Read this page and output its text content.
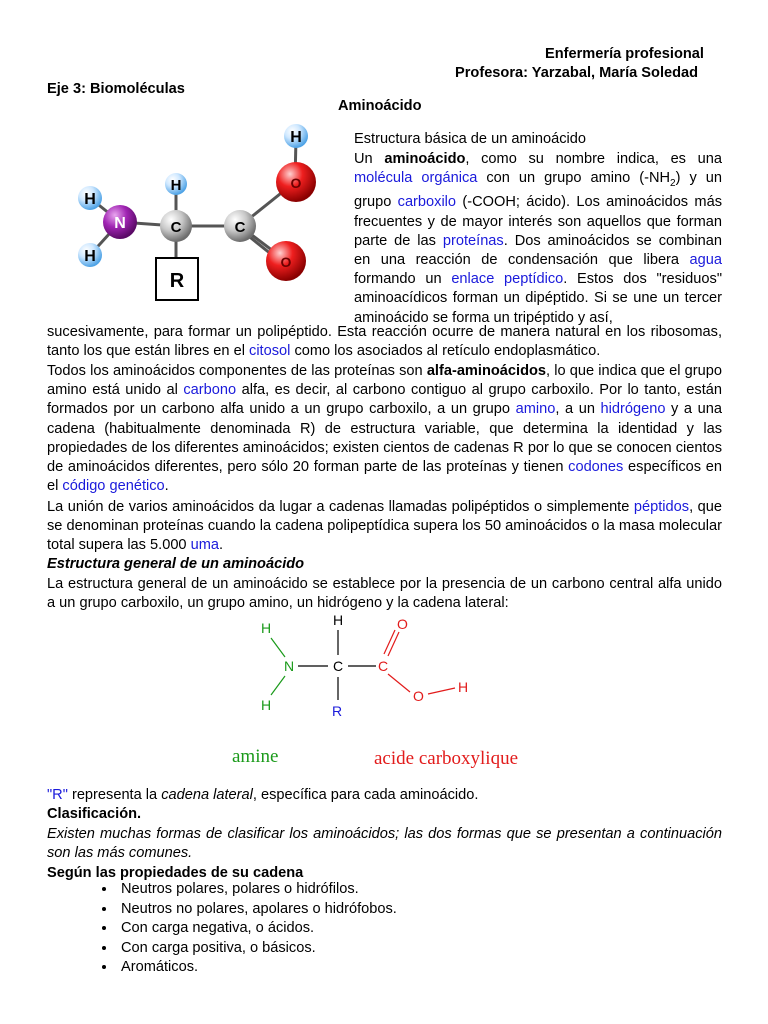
Enfermería profesional
Profesora: Yarzabal, María Soledad
Eje 3: Biomoléculas
Aminoácido
H
H
N
H
C	C
O
O
H
R
Estructura básica de un aminoácido
Un aminoácido, como su nombre indica, es una molécula orgánica con un grupo amino $(-NH_2)$ y un grupo carboxilo (-COOH; ácido). Los aminoácidos más frecuentes y de mayor interés son aquellos que forman parte de las proteínas. Dos aminoácidos se combinan en una reacción de condensación que libera agua formando un enlace peptídico. Estos dos "residuos" aminoacídicos forman un dipéptido. Si se une un tercer aminoácido se forma un tripéptido y así,
sucesivamente, para formar un polipéptido. Esta reacción ocurre de manera natural en los ribosomas, tanto los que están libres en el citosol como los asociados al retículo endoplasmático.
Todos los aminoácidos componentes de las proteínas son alfa-aminoácidos, lo que indica que el grupo amino está unido al carbono alfa, es decir, al carbono contiguo al grupo carboxilo. Por lo tanto, están formados por un carbono alfa unido a un grupo carboxilo, a un grupo amino, a un hidrógeno y a una cadena (habitualmente denominada R) de estructura variable, que determina la identidad y las propiedades de los diferentes aminoácidos; existen cientos de cadenas R por lo que se conocen cientos de aminoácidos diferentes, pero sólo 20 forman parte de las proteínas y tienen codones específicos en el código genético.
La unión de varios aminoácidos da lugar a cadenas llamadas polipéptidos o simplemente péptidos, que se denominan proteínas cuando la cadena polipeptídica supera los 50 aminoácidos o la masa molecular total supera las 5.000 uma.
Estructura general de un aminoácido
La estructura general de un aminoácido se establece por la presencia de un carbono central alfa unido a un grupo carboxilo, un grupo amino, un hidrógeno y la cadena lateral:
H
N
H
H
C
R
C
O
O
H
amine	acide carboxylique
"R" representa la cadena lateral, específica para cada aminoácido.
Clasificación.
Existen muchas formas de clasificar los aminoácidos; las dos formas que se presentan a continuación son las más comunes.
Según las propiedades de su cadena
• Neutros polares, polares o hidrófilos.
• Neutros no polares, apolares o hidrófobos.
• Con carga negativa, o ácidos.
• Con carga positiva, o básicos.
• Aromáticos.
